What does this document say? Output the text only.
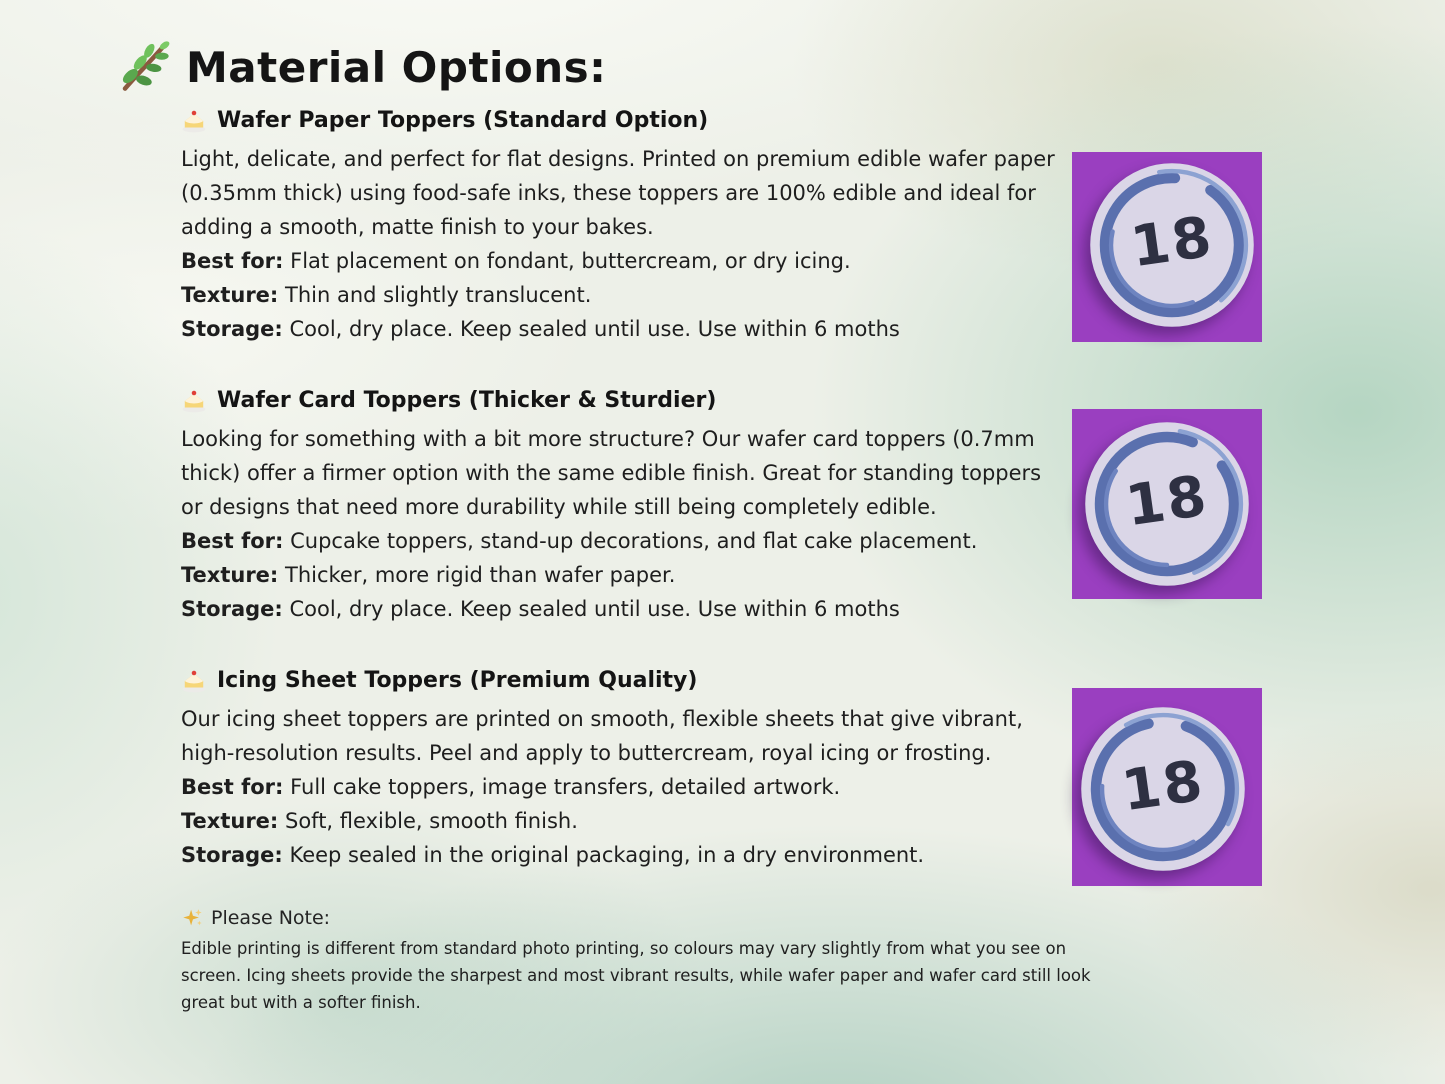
Material Options:
Wafer Paper Toppers (Standard Option)

Light, delicate, and perfect for flat designs. Printed on premium edible wafer paper (0.35mm thick) using food-safe inks, these toppers are 100% edible and ideal for adding a smooth, matte finish to your bakes.

Best for: Flat placement on fondant, buttercream, or dry icing.

Texture: Thin and slightly translucent.

Storage: Cool, dry place. Keep sealed until use. Use within 6 moths

Wafer Card Toppers (Thicker & Sturdier)

Looking for something with a bit more structure? Our wafer card toppers (0.7mm thick) offer a firmer option with the same edible finish. Great for standing toppers or designs that need more durability while still being completely edible.

Best for: Cupcake toppers, stand-up decorations, and flat cake placement.

Texture: Thicker, more rigid than wafer paper.

Storage: Cool, dry place. Keep sealed until use. Use within 6 moths

Icing Sheet Toppers (Premium Quality)

Our icing sheet toppers are printed on smooth, flexible sheets that give vibrant, high-resolution results. Peel and apply to buttercream, royal icing or frosting.

Best for: Full cake toppers, image transfers, detailed artwork.

Texture: Soft, flexible, smooth finish.

Storage: Keep sealed in the original packaging, in a dry environment.

18
18
18
Please Note:

Edible printing is different from standard photo printing, so colours may vary slightly from what you see on screen. Icing sheets provide the sharpest and most vibrant results, while wafer paper and wafer card still look great but with a softer finish.
